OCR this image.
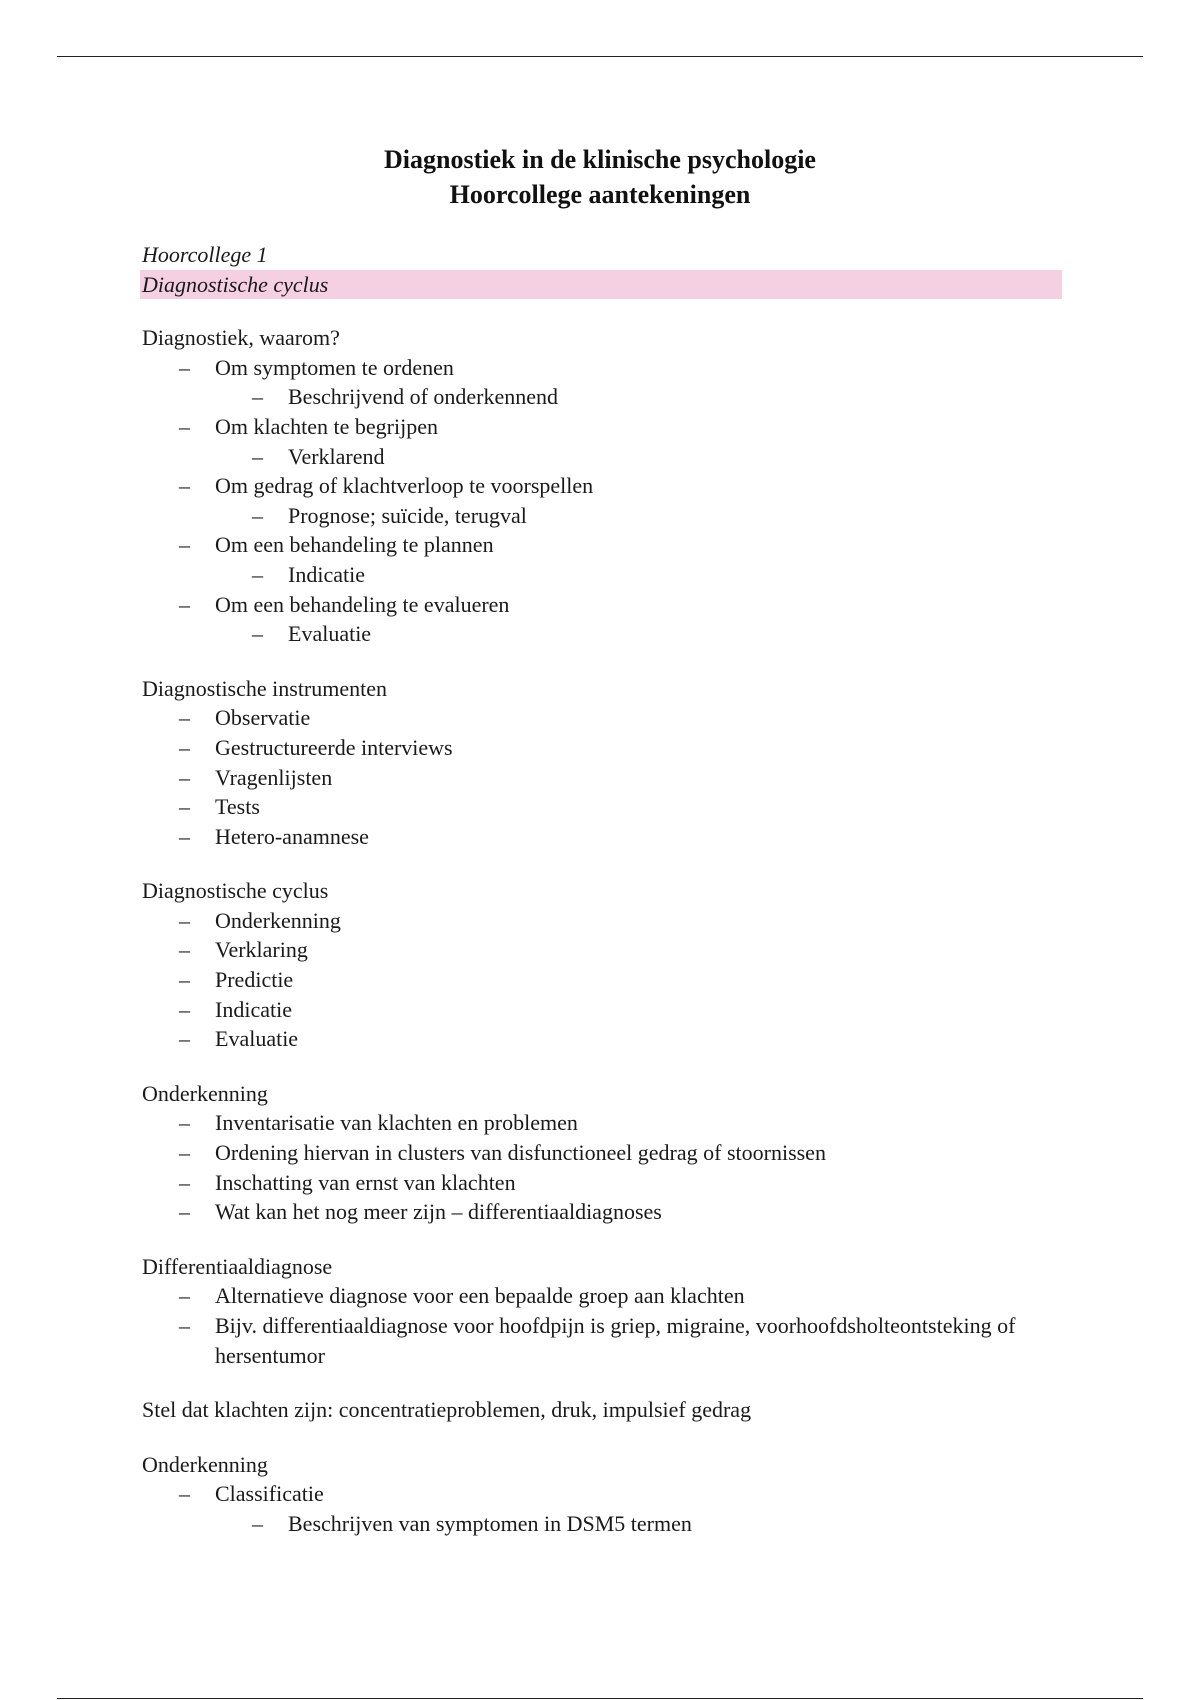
Diagnostiek in de klinische psychologie
Hoorcollege aantekeningen
Hoorcollege 1
Diagnostische cyclus
Diagnostiek, waarom?
– Om symptomen te ordenen
– Beschrijvend of onderkennend
– Om klachten te begrijpen
– Verklarend
– Om gedrag of klachtverloop te voorspellen
– Prognose; suïcide, terugval
– Om een behandeling te plannen
– Indicatie
– Om een behandeling te evalueren
– Evaluatie
Diagnostische instrumenten
– Observatie
– Gestructureerde interviews
– Vragenlijsten
– Tests
– Hetero-anamnese
Diagnostische cyclus
– Onderkenning
– Verklaring
– Predictie
– Indicatie
– Evaluatie
Onderkenning
– Inventarisatie van klachten en problemen
– Ordening hiervan in clusters van disfunctioneel gedrag of stoornissen
– Inschatting van ernst van klachten
– Wat kan het nog meer zijn – differentiaaldiagnoses
Differentiaaldiagnose
– Alternatieve diagnose voor een bepaalde groep aan klachten
– Bijv. differentiaaldiagnose voor hoofdpijn is griep, migraine, voorhoofdsholteontsteking of hersentumor

Stel dat klachten zijn: concentratieproblemen, druk, impulsief gedrag

Onderkenning
– Classificatie
– Beschrijven van symptomen in DSM5 termen
